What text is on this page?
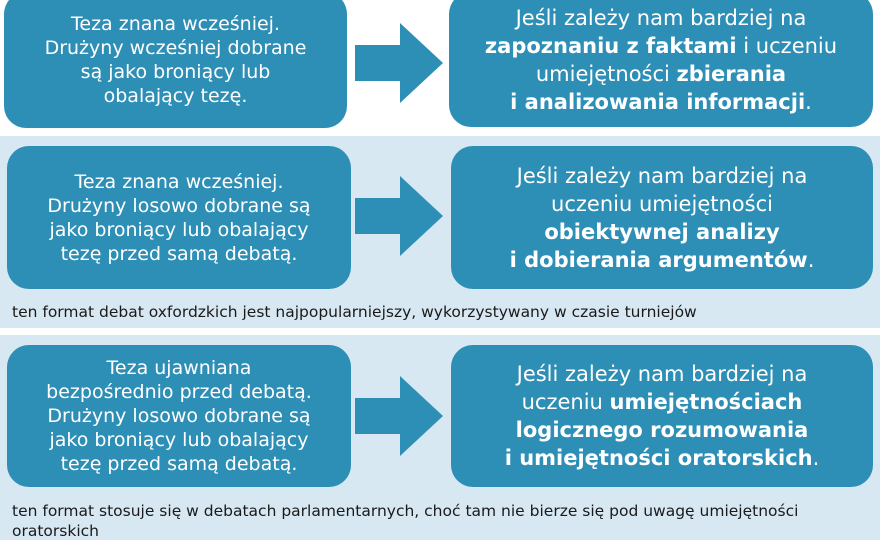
Teza znana wcześniej.
Drużyny wcześniej dobrane
są jako broniący lub
obalający tezę.
Jeśli zależy nam bardziej na
zapoznaniu z faktami i uczeniu
umiejętności zbierania
i analizowania informacji.
Teza znana wcześniej.
Drużyny losowo dobrane są
jako broniący lub obalający
tezę przed samą debatą.
Jeśli zależy nam bardziej na
uczeniu umiejętności
obiektywnej analizy
i dobierania argumentów.
ten format debat oxfordzkich jest najpopularniejszy, wykorzystywany w czasie turniejów
Teza ujawniana
bezpośrednio przed debatą.
Drużyny losowo dobrane są
jako broniący lub obalający
tezę przed samą debatą.
Jeśli zależy nam bardziej na
uczeniu umiejętnościach
logicznego rozumowania
i umiejętności oratorskich.
ten format stosuje się w debatach parlamentarnych, choć tam nie bierze się pod uwagę umiejętności oratorskich
